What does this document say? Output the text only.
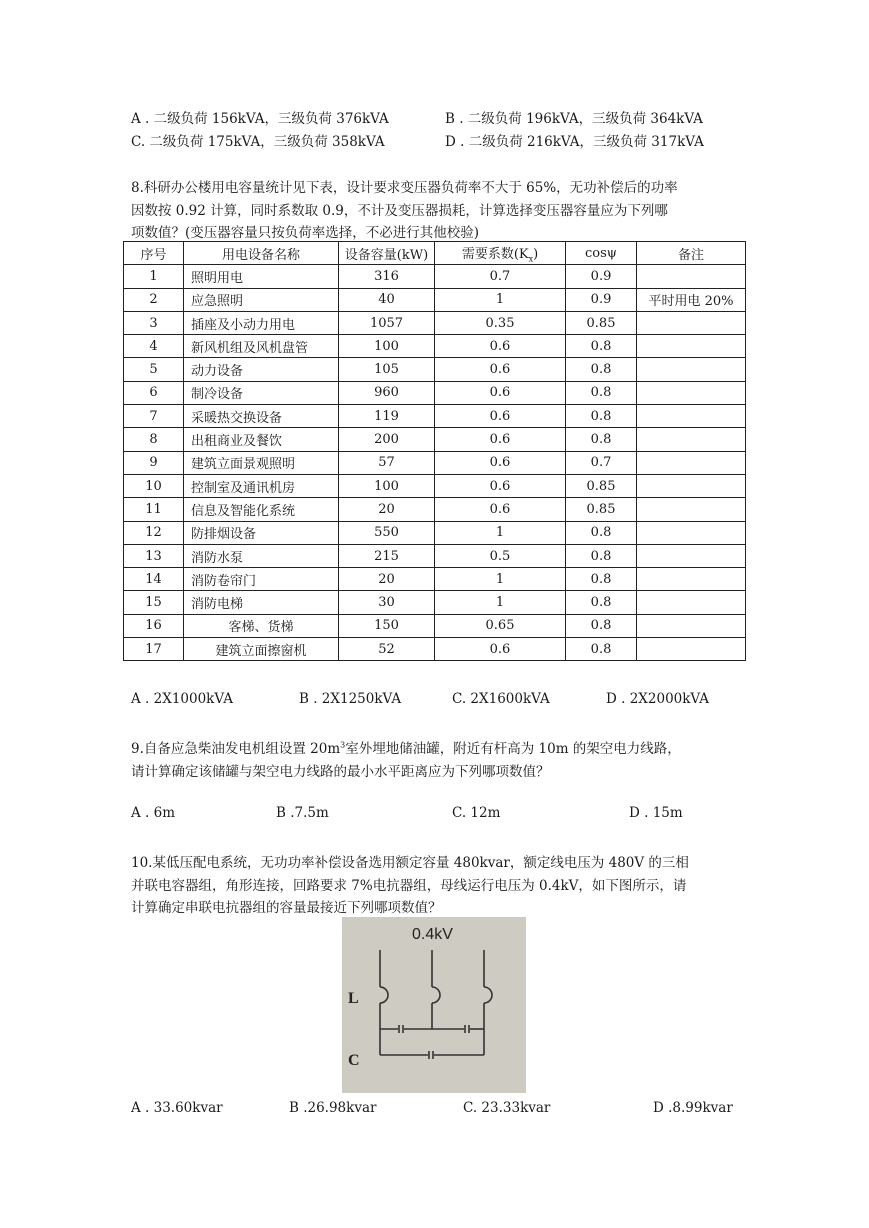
A . 二级负荷 156kVA，三级负荷 376kVA	B . 二级负荷 196kVA，三级负荷 364kVA
C. 二级负荷 175kVA，三级负荷 358kVA	D . 二级负荷 216kVA，三级负荷 317kVA
8.科研办公楼用电容量统计见下表，设计要求变压器负荷率不大于 65%，无功补偿后的功率
因数按 0.92 计算，同时系数取 0.9，不计及变压器损耗，计算选择变压器容量应为下列哪
项数值？(变压器容量只按负荷率选择，不必进行其他校验)
序号	用电设备名称	设备容量(kW)	需要系数$(K_x)$	cosψ	备注
1	照明用电	316	0.7	0.9	
2	应急照明	40	1	0.9	平时用电 20%
3	插座及小动力用电	1057	0.35	0.85	
4	新风机组及风机盘管	100	0.6	0.8	
5	动力设备	105	0.6	0.8	
6	制冷设备	960	0.6	0.8	
7	采暖热交换设备	119	0.6	0.8	
8	出租商业及餐饮	200	0.6	0.8	
9	建筑立面景观照明	57	0.6	0.7	
10	控制室及通讯机房	100	0.6	0.85	
11	信息及智能化系统	20	0.6	0.85	
12	防排烟设备	550	1	0.8	
13	消防水泵	215	0.5	0.8	
14	消防卷帘门	20	1	0.8	
15	消防电梯	30	1	0.8	
16	客梯、货梯	150	0.65	0.8	
17	建筑立面擦窗机	52	0.6	0.8	
A . 2X1000kVA	B . 2X1250kVA	C. 2X1600kVA	D . 2X2000kVA
9.自备应急柴油发电机组设置 $20m^3$室外埋地储油罐，附近有杆高为 10m 的架空电力线路，
请计算确定该储罐与架空电力线路的最小水平距离应为下列哪项数值？
A . 6m	B .7.5m	C. 12m	D . 15m
10.某低压配电系统，无功功率补偿设备选用额定容量 480kvar，额定线电压为 480V 的三相
并联电容器组，角形连接，回路要求 7%电抗器组，母线运行电压为 0.4kV，如下图所示，请
计算确定串联电抗器组的容量最接近下列哪项数值？
0.4kV
L
C
A . 33.60kvar	B .26.98kvar	C. 23.33kvar	D .8.99kvar
